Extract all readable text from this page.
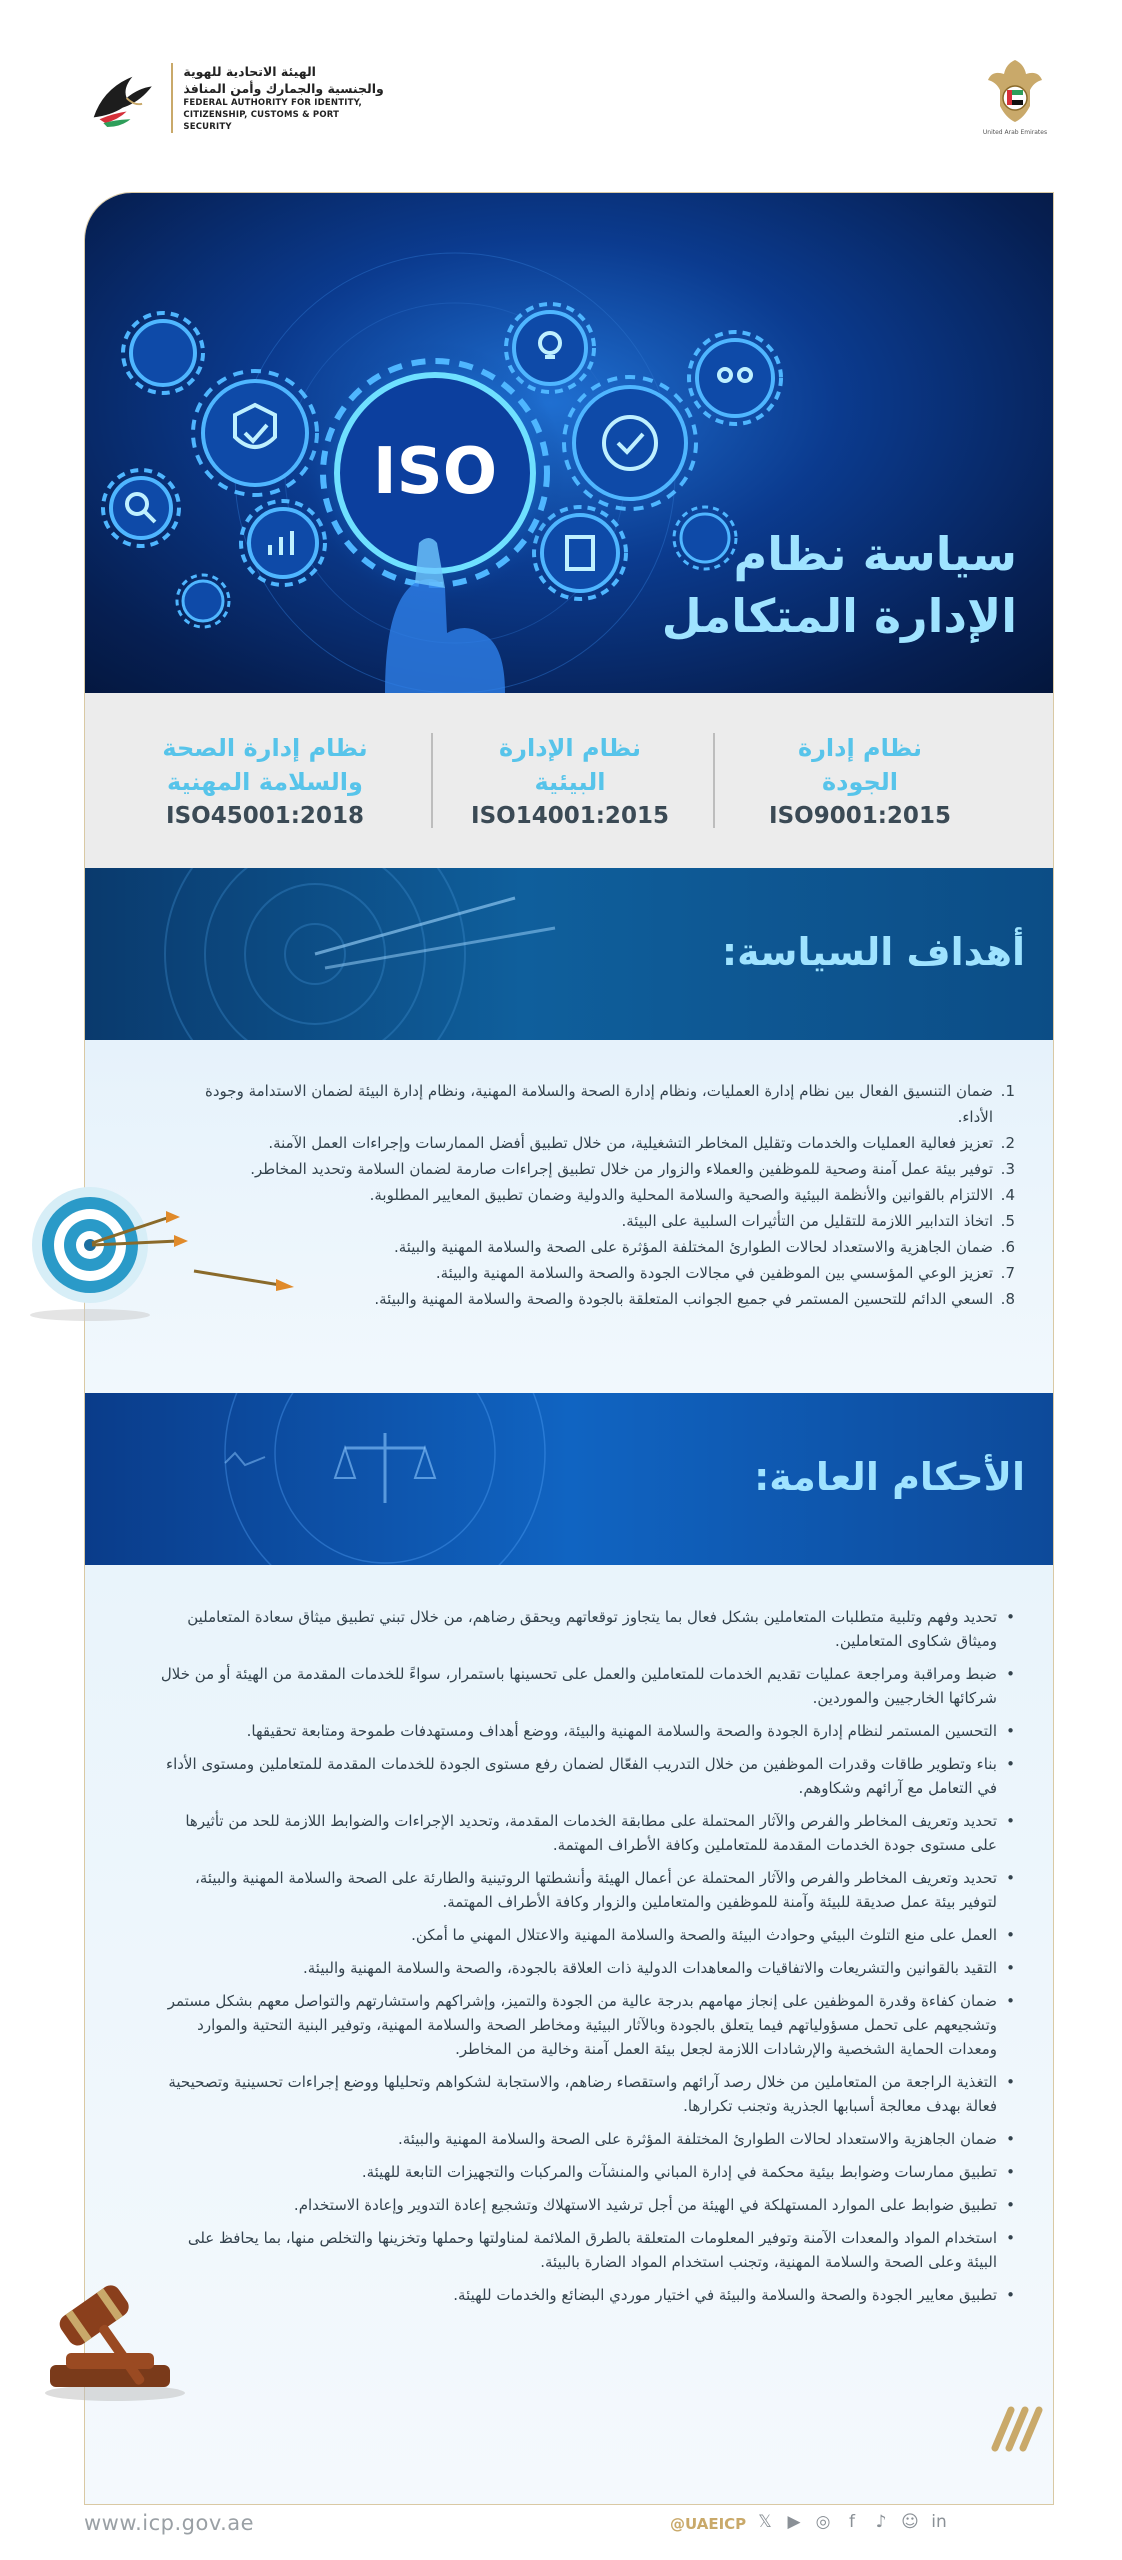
الهيئة الاتحادية للهوية
والجنسية والجمارك وأمن المنافذ
FEDERAL AUTHORITY FOR IDENTITY,
CITIZENSHIP, CUSTOMS & PORT SECURITY
United Arab Emirates
ISO
سياسة نظام
الإدارة المتكامل
نظام إدارة
الجودة
ISO9001:2015
نظام الإدارة
البيئية
ISO14001:2015
نظام إدارة الصحة
والسلامة المهنية
ISO45001:2018
أهداف السياسة:
1.
ضمان التنسيق الفعال بين نظام إدارة العمليات، ونظام إدارة الصحة والسلامة المهنية، ونظام إدارة البيئة لضمان الاستدامة وجودة الأداء.
2.
تعزيز فعالية العمليات والخدمات وتقليل المخاطر التشغيلية، من خلال تطبيق أفضل الممارسات وإجراءات العمل الآمنة.
3.
توفير بيئة عمل آمنة وصحية للموظفين والعملاء والزوار من خلال تطبيق إجراءات صارمة لضمان السلامة وتحديد المخاطر.
4.
الالتزام بالقوانين والأنظمة البيئية والصحية والسلامة المحلية والدولية وضمان تطبيق المعايير المطلوبة.
5.
اتخاذ التدابير اللازمة للتقليل من التأثيرات السلبية على البيئة.
6.
ضمان الجاهزية والاستعداد لحالات الطوارئ المختلفة المؤثرة على الصحة والسلامة المهنية والبيئة.
7.
تعزيز الوعي المؤسسي بين الموظفين في مجالات الجودة والصحة والسلامة المهنية والبيئة.
8.
السعي الدائم للتحسين المستمر في جميع الجوانب المتعلقة بالجودة والصحة والسلامة المهنية والبيئة.
الأحكام العامة:
•
تحديد وفهم وتلبية متطلبات المتعاملين بشكل فعال بما يتجاوز توقعاتهم ويحقق رضاهم، من خلال تبني تطبيق ميثاق سعادة المتعاملين وميثاق شكاوى المتعاملين.
•
ضبط ومراقبة ومراجعة عمليات تقديم الخدمات للمتعاملين والعمل على تحسينها باستمرار، سواءً للخدمات المقدمة من الهيئة أو من خلال شركائها الخارجيين والموردين.
•
التحسين المستمر لنظام إدارة الجودة والصحة والسلامة المهنية والبيئة، ووضع أهداف ومستهدفات طموحة ومتابعة تحقيقها.
•
بناء وتطوير طاقات وقدرات الموظفين من خلال التدريب الفعّال لضمان رفع مستوى الجودة للخدمات المقدمة للمتعاملين ومستوى الأداء في التعامل مع آرائهم وشكاوهم.
•
تحديد وتعريف المخاطر والفرص والآثار المحتملة على مطابقة الخدمات المقدمة، وتحديد الإجراءات والضوابط اللازمة للحد من تأثيرها على مستوى جودة الخدمات المقدمة للمتعاملين وكافة الأطراف المهتمة.
•
تحديد وتعريف المخاطر والفرص والآثار المحتملة عن أعمال الهيئة وأنشطتها الروتينية والطارئة على الصحة والسلامة المهنية والبيئة، لتوفير بيئة عمل صديقة للبيئة وآمنة للموظفين والمتعاملين والزوار وكافة الأطراف المهتمة.
•
العمل على منع التلوث البيئي وحوادث البيئة والصحة والسلامة المهنية والاعتلال المهني ما أمكن.
•
التقيد بالقوانين والتشريعات والاتفاقيات والمعاهدات الدولية ذات العلاقة بالجودة، والصحة والسلامة المهنية والبيئة.
•
ضمان كفاءة وقدرة الموظفين على إنجاز مهامهم بدرجة عالية من الجودة والتميز، وإشراكهم واستشارتهم والتواصل معهم بشكل مستمر وتشجيعهم على تحمل مسؤولياتهم فيما يتعلق بالجودة وبالآثار البيئية ومخاطر الصحة والسلامة المهنية، وتوفير البنية التحتية والموارد ومعدات الحماية الشخصية والإرشادات اللازمة لجعل بيئة العمل آمنة وخالية من المخاطر.
•
التغذية الراجعة من المتعاملين من خلال رصد آرائهم واستقصاء رضاهم، والاستجابة لشكواهم وتحليلها ووضع إجراءات تحسينية وتصحيحية فعالة بهدف معالجة أسبابها الجذرية وتجنب تكرارها.
•
ضمان الجاهزية والاستعداد لحالات الطوارئ المختلفة المؤثرة على الصحة والسلامة المهنية والبيئة.
•
تطبيق ممارسات وضوابط بيئية محكمة في إدارة المباني والمنشآت والمركبات والتجهيزات التابعة للهيئة.
•
تطبيق ضوابط على الموارد المستهلكة في الهيئة من أجل ترشيد الاستهلاك وتشجيع إعادة التدوير وإعادة الاستخدام.
•
استخدام المواد والمعدات الآمنة وتوفير المعلومات المتعلقة بالطرق الملائمة لمناولتها وحملها وتخزينها والتخلص منها، بما يحافظ على البيئة وعلى الصحة والسلامة المهنية، وتجنب استخدام المواد الضارة بالبيئة.
•
تطبيق معايير الجودة والصحة والسلامة والبيئة في اختيار موردي البضائع والخدمات للهيئة.
www.icp.gov.ae	@UAEICP 𝕏 ▶ ◎	f	♪ ☺ in
